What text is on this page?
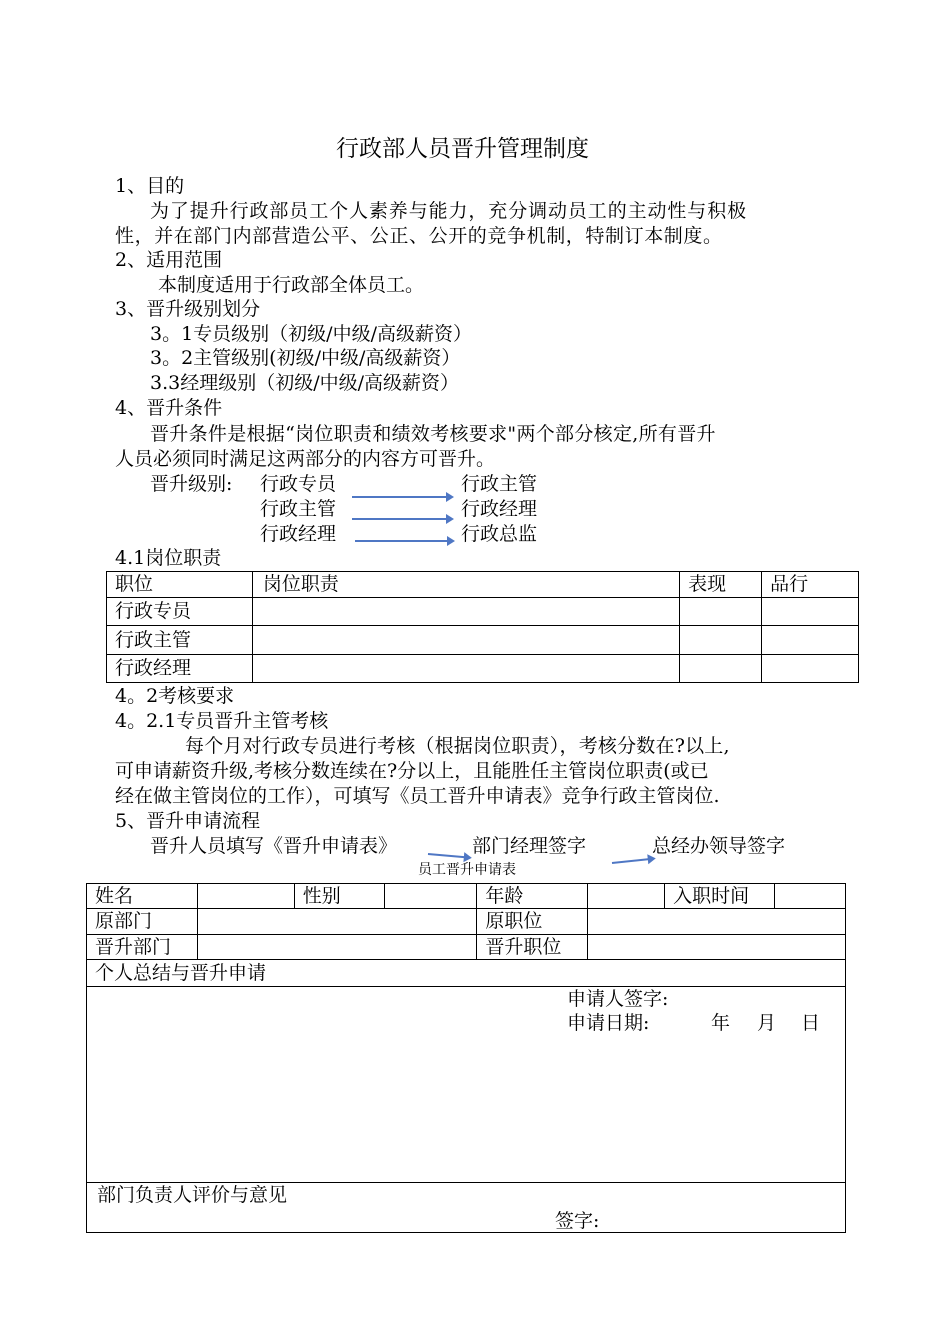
行政部人员晋升管理制度
1、目的
为了提升行政部员工个人素养与能力，充分调动员工的主动性与积极
性，并在部门内部营造公平、公正、公开的竞争机制，特制订本制度。
2、适用范围
本制度适用于行政部全体员工。
3、晋升级别划分
3。1专员级别（初级/中级/高级薪资）
3。2主管级别(初级/中级/高级薪资）
3.3经理级别（初级/中级/高级薪资）
4、晋升条件
晋升条件是根据“岗位职责和绩效考核要求"两个部分核定,所有晋升
人员必须同时满足这两部分的内容方可晋升。
晋升级别: 行政专员	行政主管
行政主管	行政经理
行政经理	行政总监
4.1岗位职责
职位	岗位职责	表现	品行
行政专员			
行政主管			
行政经理			
4。2考核要求
4。2.1专员晋升主管考核
每个月对行政专员进行考核（根据岗位职责），考核分数在?以上,
可申请薪资升级,考核分数连续在?分以上，且能胜任主管岗位职责(或已
经在做主管岗位的工作），可填写《员工晋升申请表》竞争行政主管岗位.
5、晋升申请流程
晋升人员填写《晋升申请表》	部门经理签字	总经办领导签字
员工晋升申请表
姓名		性别		年龄		入职时间	
原部门				原职位			
晋升部门				晋升职位			
个人总结与晋升申请							

申请人签字:
申请日期: 年 月 日							

部门负责人评价与意见
签字:							
